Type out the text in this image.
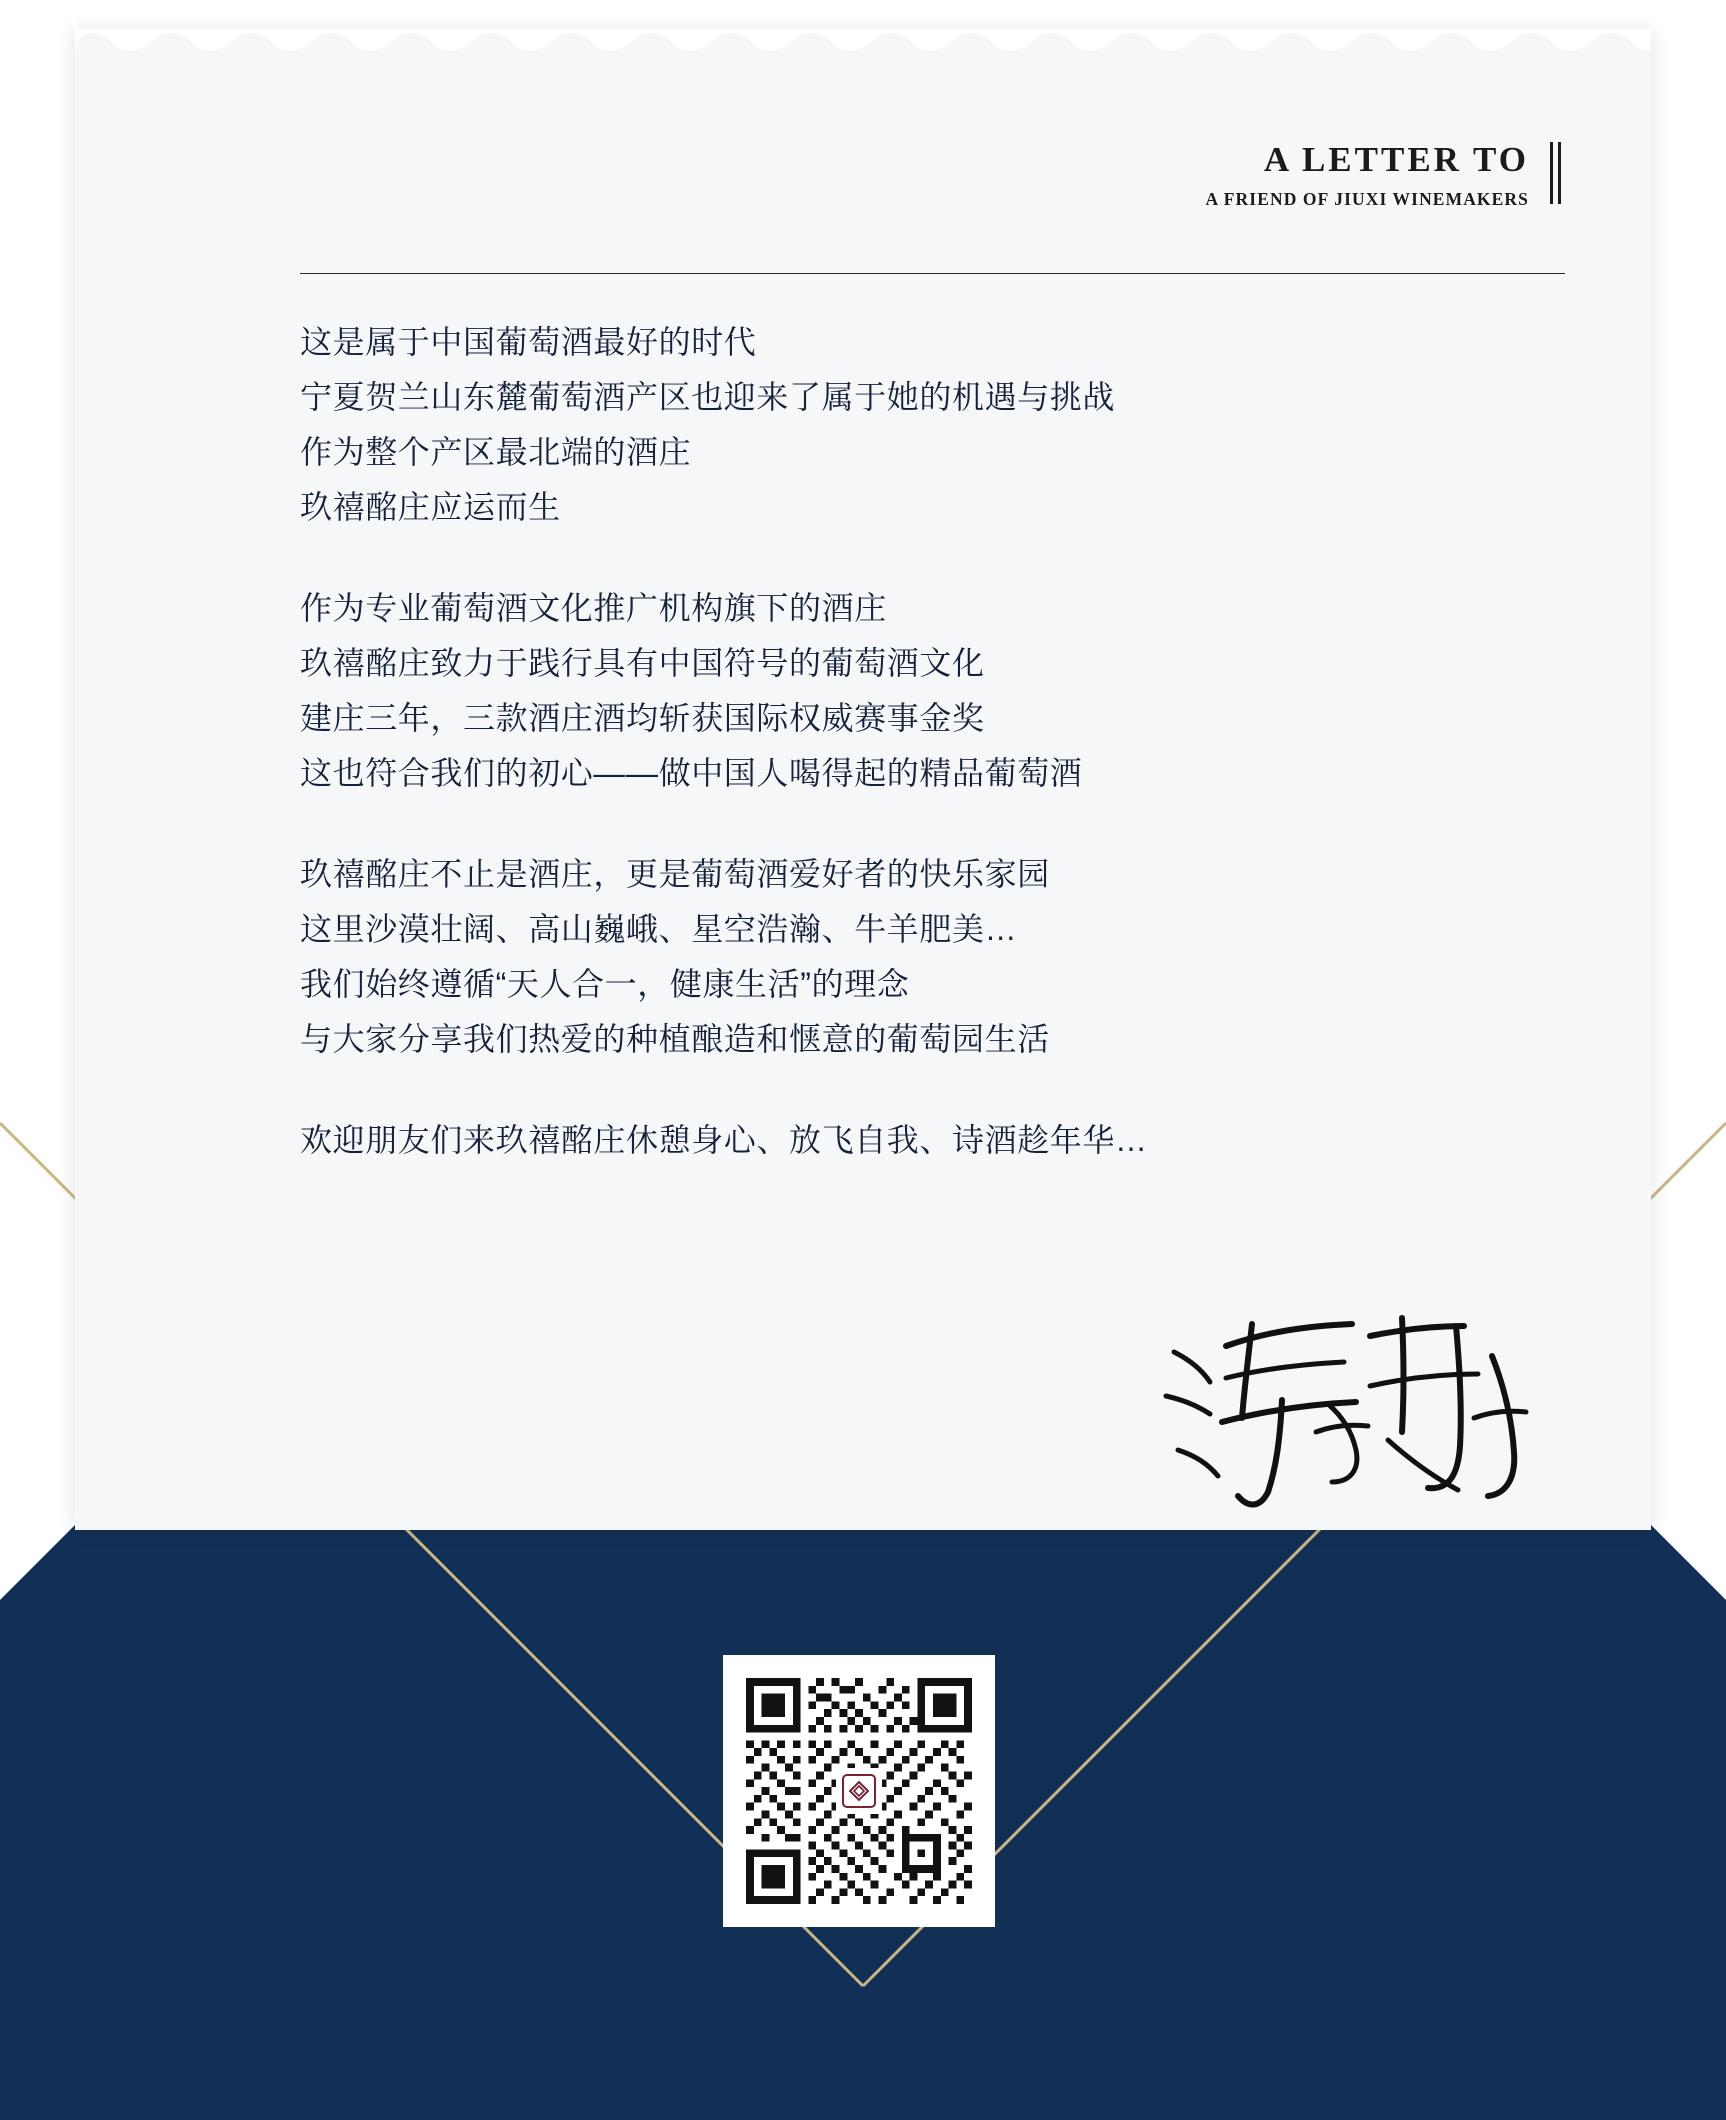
A LETTER TO
A FRIEND OF JIUXI WINEMAKERS
这是属于中国葡萄酒最好的时代
宁夏贺兰山东麓葡萄酒产区也迎来了属于她的机遇与挑战
作为整个产区最北端的酒庄
玖禧酩庄应运而生
作为专业葡萄酒文化推广机构旗下的酒庄
玖禧酩庄致力于践行具有中国符号的葡萄酒文化
建庄三年，三款酒庄酒均斩获国际权威赛事金奖
这也符合我们的初心——做中国人喝得起的精品葡萄酒
玖禧酩庄不止是酒庄，更是葡萄酒爱好者的快乐家园
这里沙漠壮阔、高山巍峨、星空浩瀚、牛羊肥美…
我们始终遵循“天人合一，健康生活”的理念
与大家分享我们热爱的种植酿造和惬意的葡萄园生活
欢迎朋友们来玖禧酩庄休憩身心、放飞自我、诗酒趁年华…
